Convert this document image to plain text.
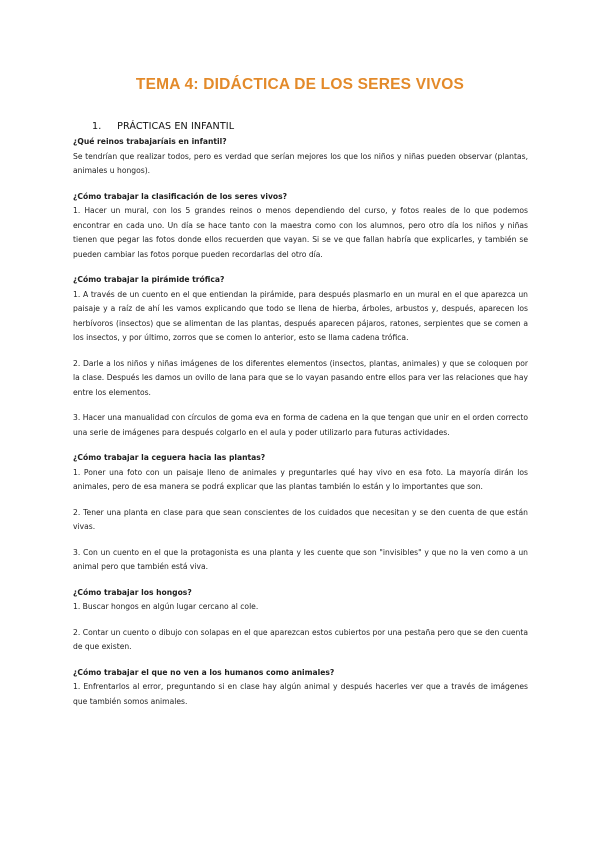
TEMA 4: DIDÁCTICA DE LOS SERES VIVOS
1. PRÁCTICAS EN INFANTIL

¿Qué reinos trabajaríais en infantil?

Se tendrían que realizar todos, pero es verdad que serían mejores los que los niños y niñas pueden observar (plantas, animales u hongos).

¿Cómo trabajar la clasificación de los seres vivos?

1. Hacer un mural, con los 5 grandes reinos o menos dependiendo del curso, y fotos reales de lo que podemos encontrar en cada uno. Un día se hace tanto con la maestra como con los alumnos, pero otro día los niños y niñas tienen que pegar las fotos donde ellos recuerden que vayan. Si se ve que fallan habría que explicarles, y también se pueden cambiar las fotos porque pueden recordarlas del otro día.

¿Cómo trabajar la pirámide trófica?

1. A través de un cuento en el que entiendan la pirámide, para después plasmarlo en un mural en el que aparezca un paisaje y a raíz de ahí les vamos explicando que todo se llena de hierba, árboles, arbustos y, después, aparecen los herbívoros (insectos) que se alimentan de las plantas, después aparecen pájaros, ratones, serpientes que se comen a los insectos, y por último, zorros que se comen lo anterior, esto se llama cadena trófica.

2. Darle a los niños y niñas imágenes de los diferentes elementos (insectos, plantas, animales) y que se coloquen por la clase. Después les damos un ovillo de lana para que se lo vayan pasando entre ellos para ver las relaciones que hay entre los elementos.

3. Hacer una manualidad con círculos de goma eva en forma de cadena en la que tengan que unir en el orden correcto una serie de imágenes para después colgarlo en el aula y poder utilizarlo para futuras actividades.

¿Cómo trabajar la ceguera hacia las plantas?

1. Poner una foto con un paisaje lleno de animales y preguntarles qué hay vivo en esa foto. La mayoría dirán los animales, pero de esa manera se podrá explicar que las plantas también lo están y lo importantes que son.

2. Tener una planta en clase para que sean conscientes de los cuidados que necesitan y se den cuenta de que están vivas.

3. Con un cuento en el que la protagonista es una planta y les cuente que son "invisibles" y que no la ven como a un animal pero que también está viva.

¿Cómo trabajar los hongos?

1. Buscar hongos en algún lugar cercano al cole.

2. Contar un cuento o dibujo con solapas en el que aparezcan estos cubiertos por una pestaña pero que se den cuenta de que existen.

¿Cómo trabajar el que no ven a los humanos como animales?

1. Enfrentarlos al error, preguntando si en clase hay algún animal y después hacerles ver que a través de imágenes que también somos animales.
